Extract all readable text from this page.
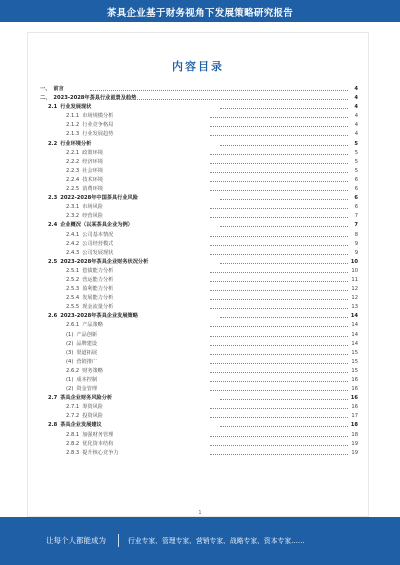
茶具企业基于财务视角下发展策略研究报告
内容目录
一、 前言	4
二、 2023-2028年茶具行业前景及趋势	4
2.1 行业发展现状	4
2.1.1 市场规模分析	4
2.1.2 行业竞争格局	4
2.1.3 行业发展趋势	4
2.2 行业环境分析	5
2.2.1 政策环境	5
2.2.2 经济环境	5
2.2.3 社会环境	5
2.2.4 技术环境	6
2.2.5 消费环境	6
2.3 2022-2028年中国茶具行业风险	6
2.3.1 市场风险	6
2.3.2 经营风险	7
2.4 企业概况（以某茶具企业为例）	7
2.4.1 公司基本情况	8
2.4.2 公司经营模式	9
2.4.3 公司发展现状	9
2.5 2023-2028年茶具企业财务状况分析	10
2.5.1 偿债能力分析	10
2.5.2 营运能力分析	11
2.5.3 盈利能力分析	12
2.5.4 发展能力分析	12
2.5.5 现金流量分析	13
2.6 2023-2028年茶具企业发展策略	14
2.6.1 产品策略	14
(1) 产品创新	14
(2) 品牌建设	14
(3) 渠道拓展	15
(4) 营销推广	15
2.6.2 财务策略	15
(1) 成本控制	16
(2) 资金管理	16
2.7 茶具企业财务风险分析	16
2.7.1 筹资风险	16
2.7.2 投资风险	17
2.8 茶具企业发展建议	18
2.8.1 加强财务管理	18
2.8.2 优化资本结构	19
2.8.3 提升核心竞争力	19
1
让每个人都能成为	行业专家、管理专家、营销专家、战略专家、资本专家……
